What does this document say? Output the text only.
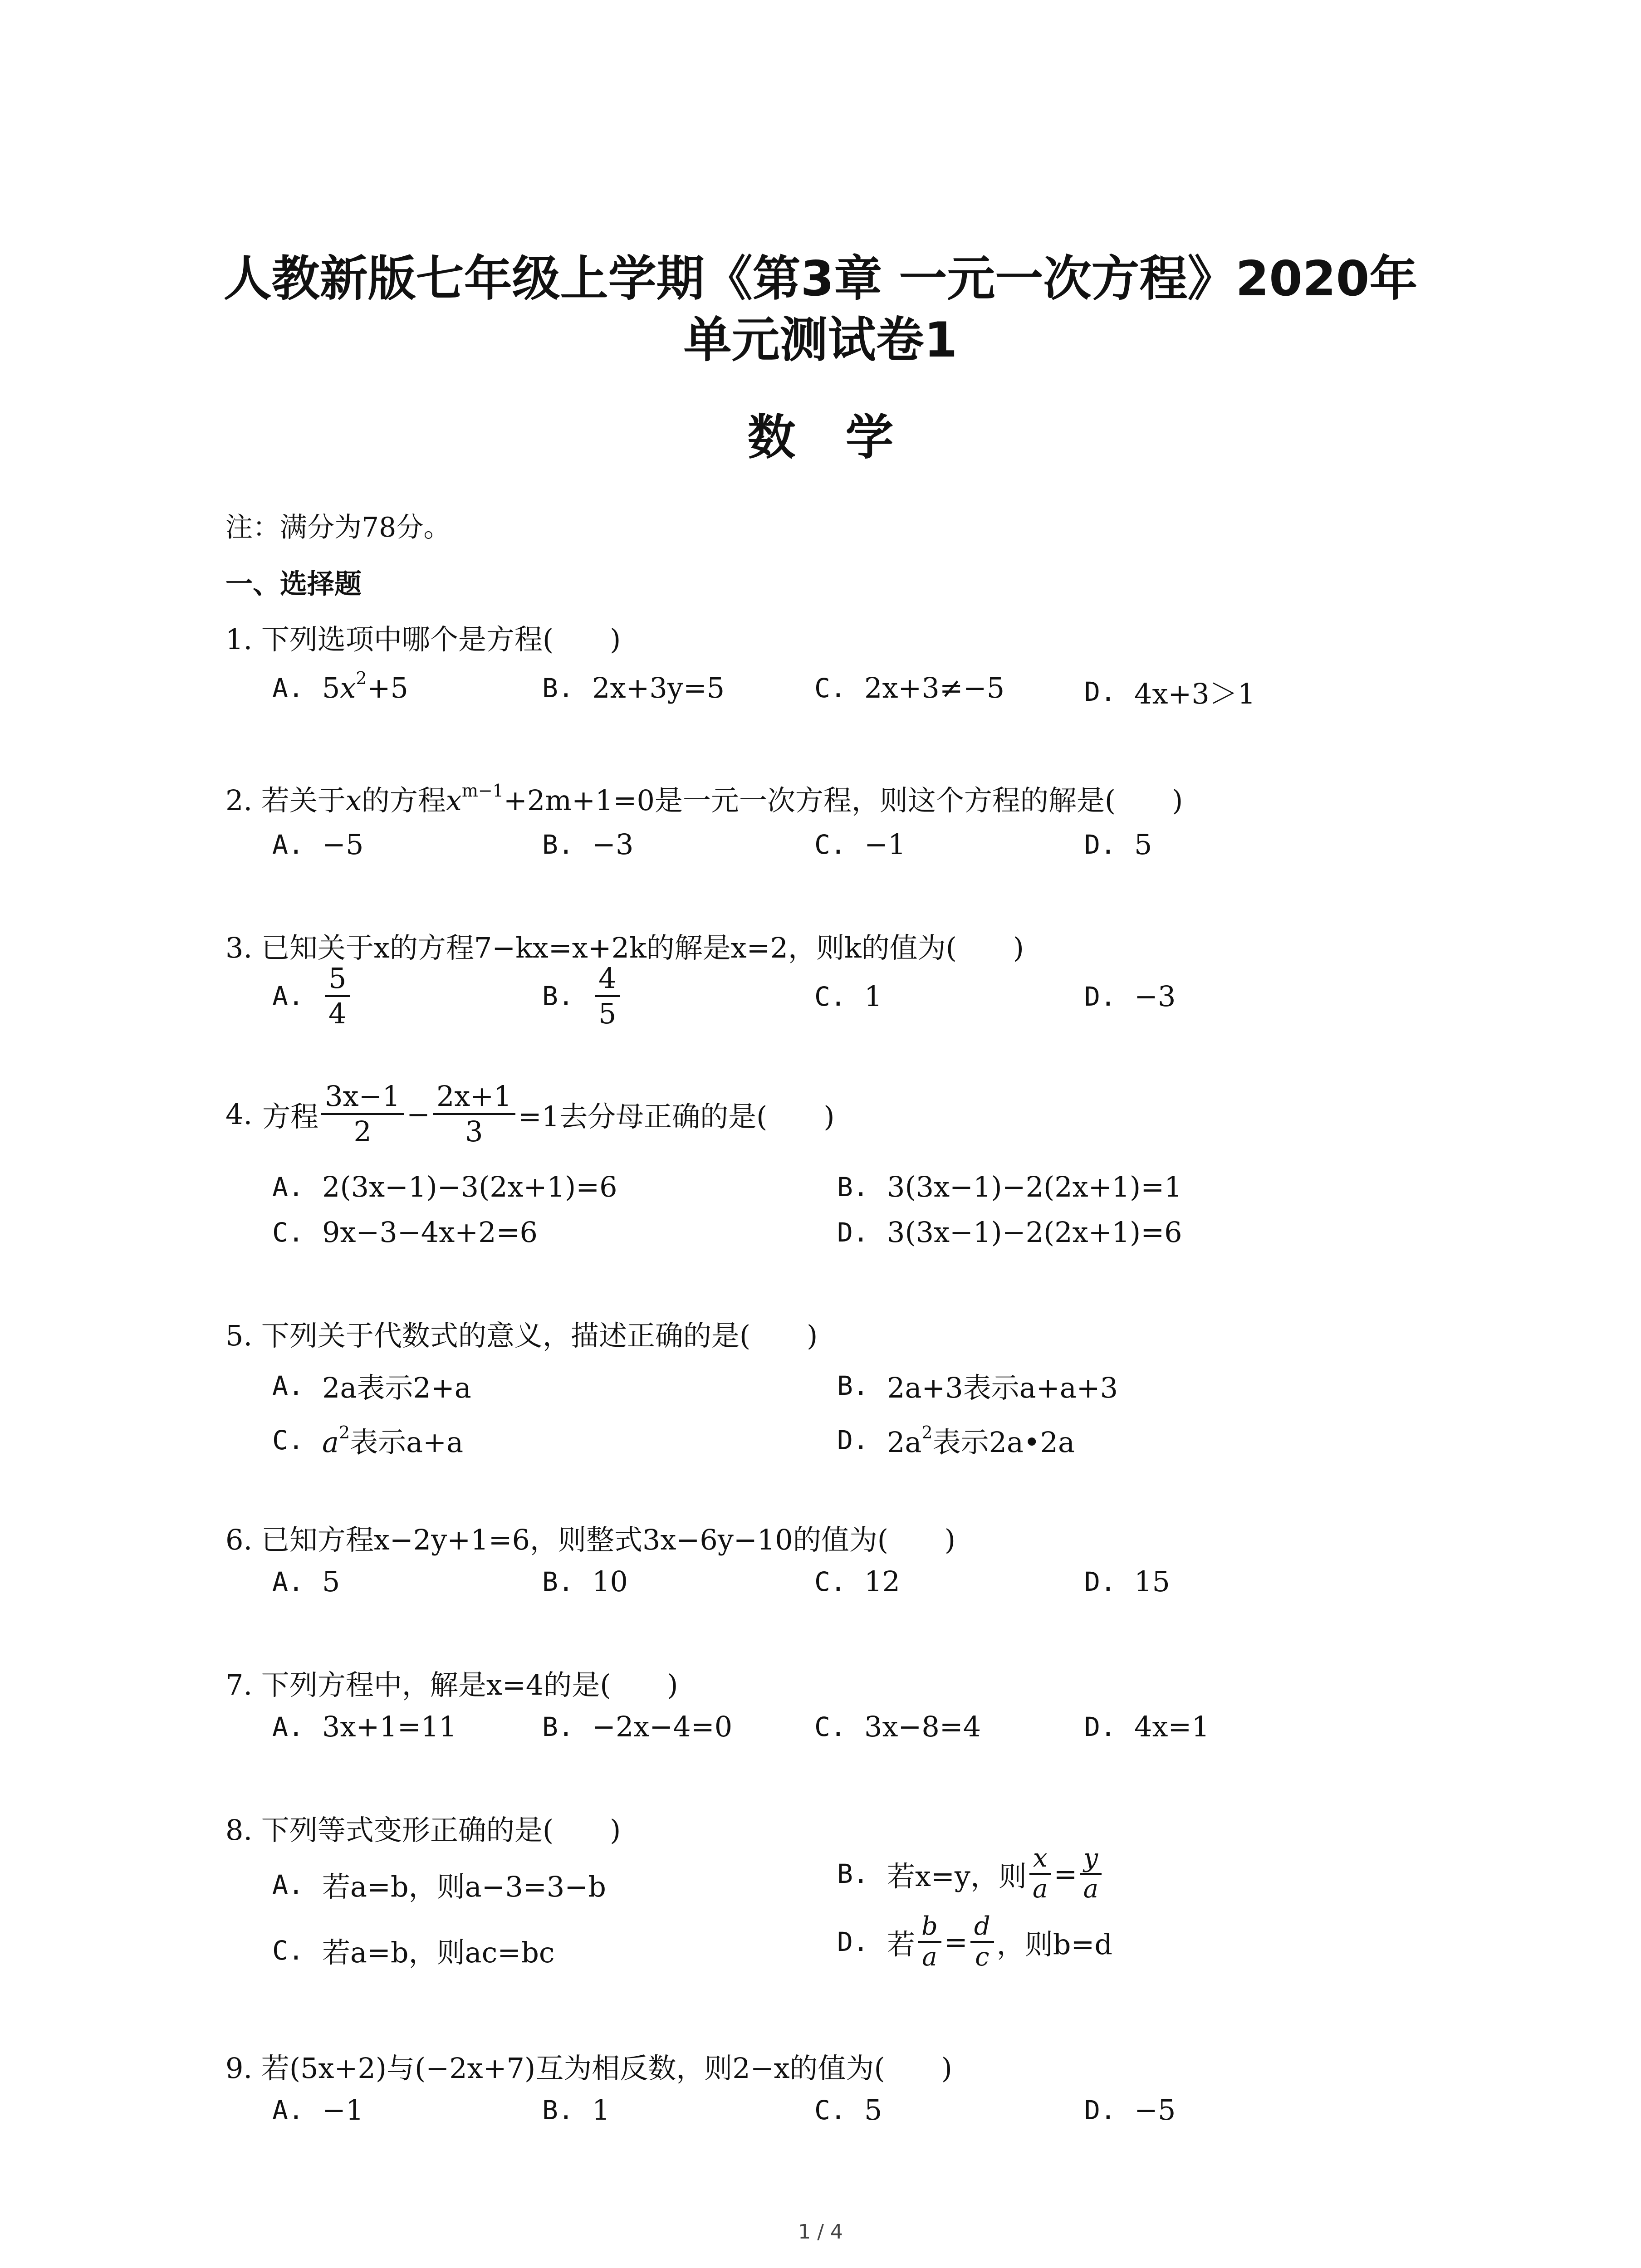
人教新版七年级上学期《第3章 一元一次方程》2020年
单元测试卷1
数学
注：满分为78分。
一、选择题
1. 下列选项中哪个是方程(　　)
A. $5x^2+5$	B. 2x+3y=5	C. 2x+3≠−5	D. 4x+3＞1
2. 若关于x的方程$x^{m-1}+2m+1=0$是一元一次方程，则这个方程的解是(　　)
A. −5	B. −3	C. −1	D. 5
3. 已知关于x的方程7−kx=x+2k的解是x=2，则k的值为(　　)
A. $\frac{5}{4}$	B. $\frac{4}{5}$	C. 1	D. −3
4. 方程 $\frac{3x-1}{2} - \frac{2x+1}{3} =1$去分母正确的是(　　)
A. 2(3x−1)−3(2x+1)=6	B. 3(3x−1)−2(2x+1)=1
C. 9x−3−4x+2=6	D. 3(3x−1)−2(2x+1)=6
5. 下列关于代数式的意义，描述正确的是(　　)
A. 2a表示2+a	B. 2a+3表示a+a+3
C. $a^2$表示a+a	D. $2a^2$表示2a•2a
6. 已知方程x−2y+1=6，则整式3x−6y−10的值为(　　)
A. 5	B. 10	C. 12	D. 15
7. 下列方程中，解是x=4的是(　　)
A. 3x+1=11	B. −2x−4=0	C. 3x−8=4	D. 4x=1
8. 下列等式变形正确的是(　　)
A. 若a=b，则a−3=3−b	B. 若x=y，则 $\frac{x}{a} = \frac{y}{a}$
C. 若a=b，则ac=bc	D. 若 $\frac{b}{a} = \frac{d}{c}$ ，则b=d
9. 若(5x+2)与(−2x+7)互为相反数，则2−x的值为(　　)
A. −1	B. 1	C. 5	D. −5
1 / 4
